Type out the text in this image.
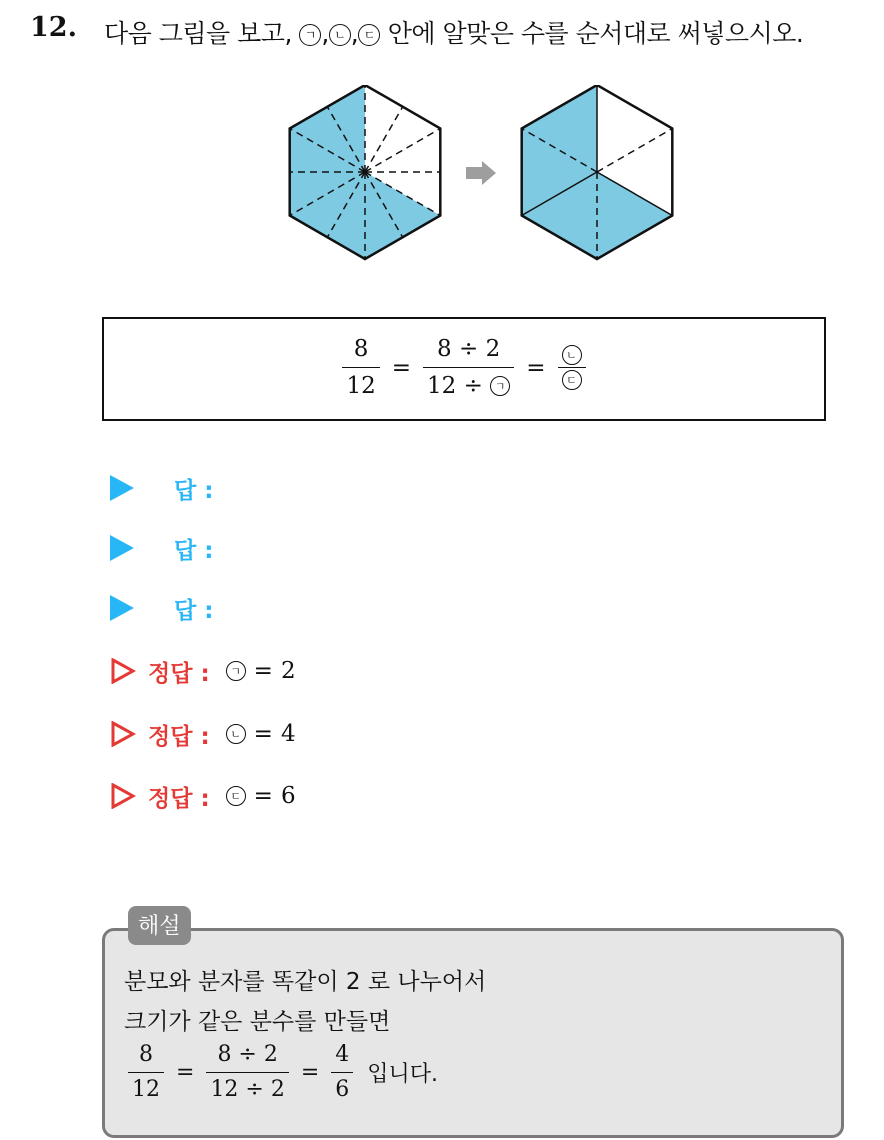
12. 다음 그림을 보고, ㄱ , ㄴ , ㄷ 안에 알맞은 수를 순서대로 써넣으시오.
$\frac{8}{12} = 8 \div 2$
12 ÷
	ㄱ = $\frac{\text{ㄴ}}{\text{ㄷ}}$
답 :
답 :
답 :
정답 :	ㄱ = 2
정답 :	ㄴ = 4
정답 :	ㄷ = 6
해설
분모와 분자를 똑같이 2 로 나누어서
크기가 같은 분수를 만들면
$\frac{8}{12} = \frac{8 \div 2}{12 \div 2} = \frac{4}{6}$ 입니다.
